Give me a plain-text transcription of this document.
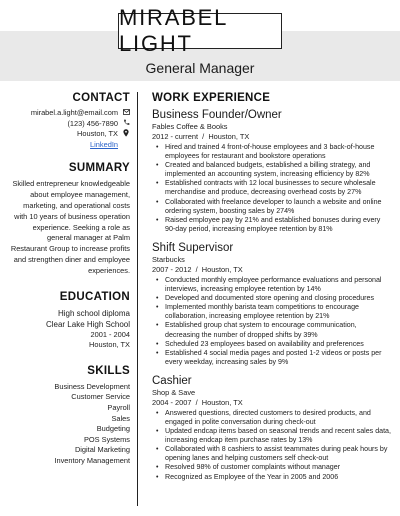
MIRABEL LIGHT
General Manager
CONTACT
mirabel.a.light@email.com
(123) 456-7890
Houston, TX
LinkedIn
SUMMARY
Skilled entrepreneur knowledgeable about employee management, marketing, and operational costs with 10 years of business operation experience. Seeking a role as general manager at Palm Restaurant Group to increase profits and strengthen diner and employee experiences.
EDUCATION
High school diploma
Clear Lake High School
2001 - 2004
Houston, TX
SKILLS
Business Development
Customer Service
Payroll
Sales
Budgeting
POS Systems
Digital Marketing
Inventory Management
WORK EXPERIENCE
Business Founder/Owner
Fables Coffee & Books
2012 - current  /  Houston, TX
• Hired and trained 4 front-of-house employees and 3 back-of-house employees for restaurant and bookstore operations
• Created and balanced budgets, established a billing strategy, and implemented an accounting system, increasing efficiency by 82%
• Established contracts with 12 local businesses to secure wholesale merchandise and produce, decreasing overhead costs by 27%
• Collaborated with freelance developer to launch a website and online ordering system, boosting sales by 274%
• Raised employee pay by 21% and established bonuses during every 90-day period, increasing employee retention by 81%
Shift Supervisor
Starbucks
2007 - 2012  /  Houston, TX
• Conducted monthly employee performance evaluations and personal interviews, increasing employee retention by 14%
• Developed and documented store opening and closing procedures
• Implemented monthly barista team competitions to encourage collaboration, increasing employee retention by 21%
• Established group chat system to encourage communication, decreasing the number of dropped shifts by 39%
• Scheduled 23 employees based on availability and preferences
• Established 4 social media pages and posted 1-2 videos or posts per every weekday, increasing sales by 9%
Cashier
Shop & Save
2004 - 2007  /  Houston, TX
• Answered questions, directed customers to desired products, and engaged in polite conversation during check-out
• Updated endcap items based on seasonal trends and recent sales data, increasing endcap item purchase rates by 13%
• Collaborated with 8 cashiers to assist teammates during peak hours by opening lanes and helping customers self check-out
• Resolved 98% of customer complaints without manager
• Recognized as Employee of the Year in 2005 and 2006
